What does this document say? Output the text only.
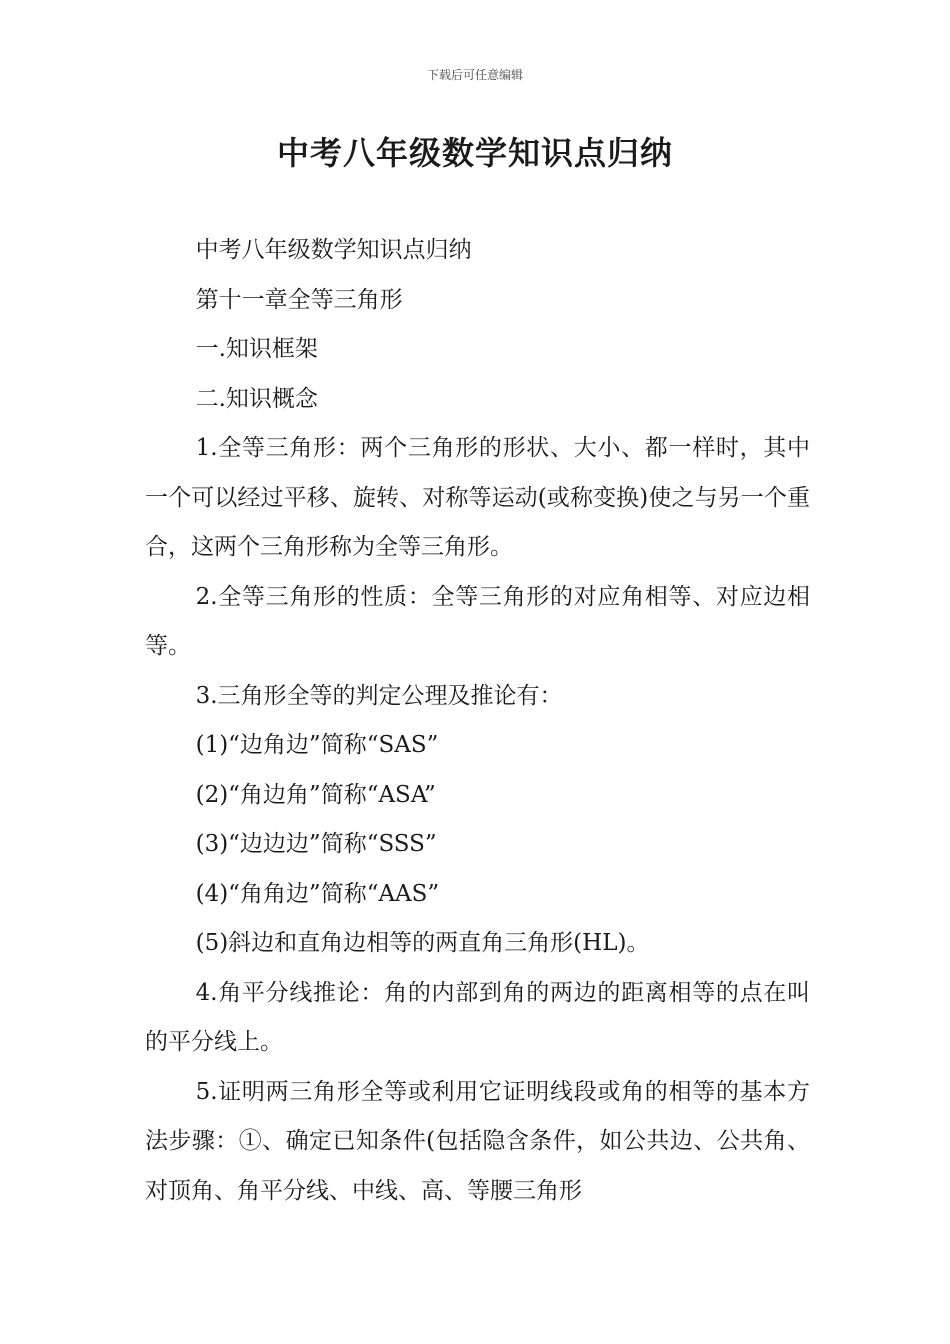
下载后可任意编辑
中考八年级数学知识点归纳

中考八年级数学知识点归纳

第十一章全等三角形

一.知识框架

二.知识概念

1.全等三角形：两个三角形的形状、大小、都一样时，其中一个可以经过平移、旋转、对称等运动(或称变换)使之与另一个重合，这两个三角形称为全等三角形。

2.全等三角形的性质：全等三角形的对应角相等、对应边相等。

3.三角形全等的判定公理及推论有：

(1)“边角边”简称“SAS”

(2)“角边角”简称“ASA”

(3)“边边边”简称“SSS”

(4)“角角边”简称“AAS”

(5)斜边和直角边相等的两直角三角形(HL)。

4.角平分线推论：角的内部到角的两边的距离相等的点在叫的平分线上。

5.证明两三角形全等或利用它证明线段或角的相等的基本方法步骤：①、确定已知条件(包括隐含条件，如公共边、公共角、对顶角、角平分线、中线、高、等腰三角形
